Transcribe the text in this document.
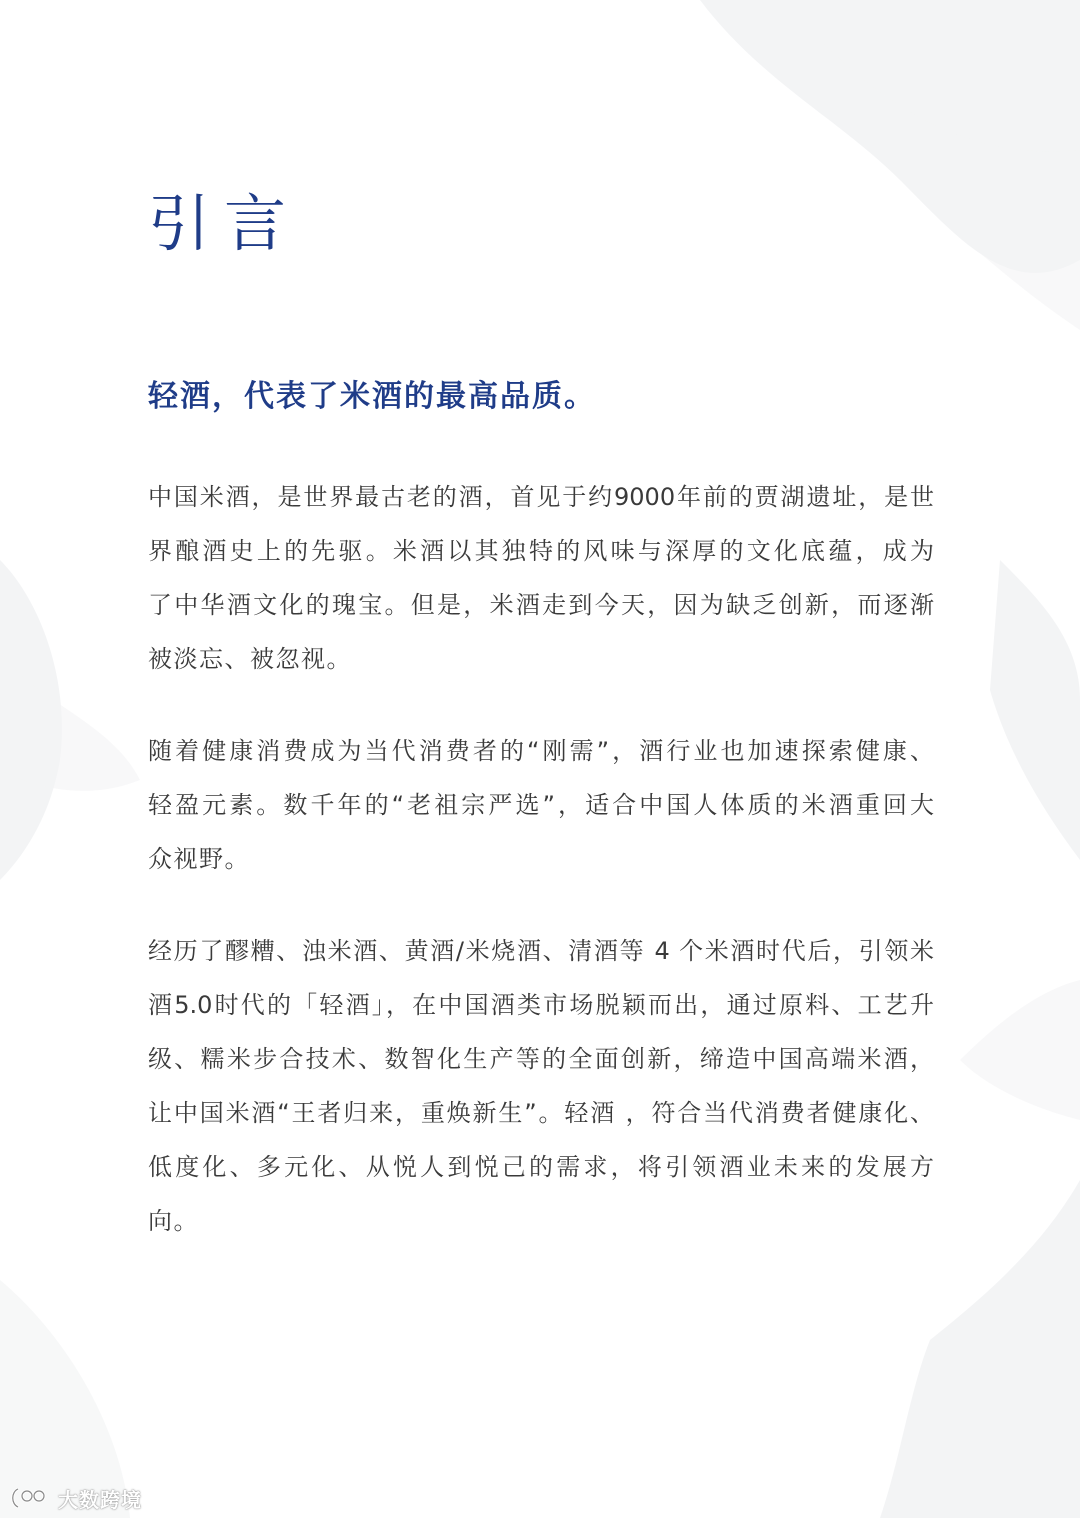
引言
轻酒，代表了米酒的最高品质。
中国米酒，是世界最古老的酒，首见于约9000年前的贾湖遗址，是世
界酿酒史上的先驱。米酒以其独特的风味与深厚的文化底蕴，成为
了中华酒文化的瑰宝。但是，米酒走到今天，因为缺乏创新，而逐渐
被淡忘、被忽视。
随着健康消费成为当代消费者的“刚需”，酒行业也加速探索健康、
轻盈元素。数千年的“老祖宗严选”，适合中国人体质的米酒重回大
众视野。
经历了醪糟、浊米酒、黄酒/米烧酒、清酒等 4 个米酒时代后，引领米
酒5.0时代的「轻酒」，在中国酒类市场脱颖而出，通过原料、工艺升
级、糯米步合技术、数智化生产等的全面创新，缔造中国高端米酒，
让中国米酒“王者归来，重焕新生”。轻酒 ，符合当代消费者健康化、
低度化、多元化、从悦人到悦己的需求，将引领酒业未来的发展方
向。
大数跨境
